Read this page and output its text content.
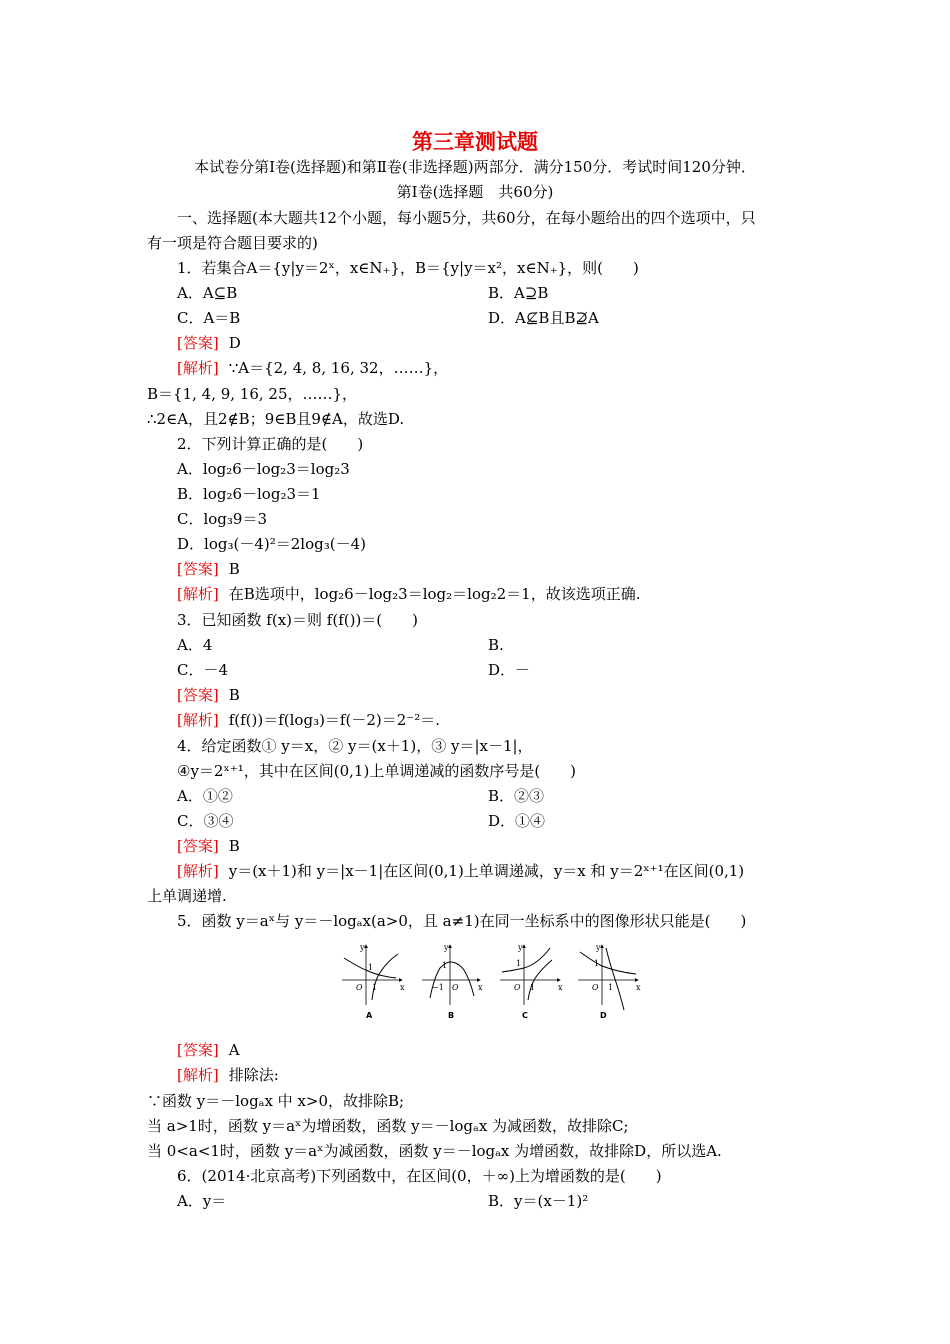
第三章测试题
本试卷分第Ⅰ卷(选择题)和第Ⅱ卷(非选择题)两部分．满分150分．考试时间120分钟．
第Ⅰ卷(选择题　共60分)
一、选择题(本大题共12个小题，每小题5分，共60分，在每小题给出的四个选项中，只
有一项是符合题目要求的)
1．若集合A＝{y|y＝2ˣ，x∈N₊}，B＝{y|y＝x²，x∈N₊}，则(　　)
A．A⊆B	B．A⊇B
C．A＝B	D．A⊈B且B⊉A
[答案] D
[解析] ∵A＝{2, 4, 8, 16, 32，……}，
B＝{1, 4, 9, 16, 25，……}，
∴2∈A，且2∉B；9∈B且9∉A，故选D.
2．下列计算正确的是(　　)
A．log₂6－log₂3＝log₂3
B．log₂6－log₂3＝1
C．log₃9＝3
D．log₃(－4)²＝2log₃(－4)
[答案] B
[解析] 在B选项中，log₂6－log₂3＝log₂＝log₂2＝1，故该选项正确.
3．已知函数 f(x)＝则 f(f())＝(　　)
A．4	B.
C．－4	D．－
[答案] B
[解析] f(f())＝f(log₃)＝f(－2)＝2⁻²＝.
4．给定函数① y＝x，② y＝(x＋1)，③ y＝|x－1|，
④y＝2ˣ⁺¹，其中在区间(0,1)上单调递减的函数序号是(　　)
A．①②	B．②③
C．③④	D．①④
[答案] B
[解析] y＝(x＋1)和 y＝|x－1|在区间(0,1)上单调递减，y＝x 和 y＝2ˣ⁺¹在区间(0,1)
上单调递增.
5．函数 y＝aˣ与 y＝－logₐx(a>0，且 a≠1)在同一坐标系中的图像形状只能是(　　)
y
x
O
1
1
A
y
x
O
−1
1
B
y
x
O
1
1
C
y
x
O
1
1
D
[答案] A
[解析] 排除法:
∵函数 y＝－logₐx 中 x>0，故排除B;
当 a>1时，函数 y＝aˣ为增函数，函数 y＝－logₐx 为减函数，故排除C;
当 0<a<1时，函数 y＝aˣ为减函数，函数 y＝－logₐx 为增函数，故排除D，所以选A.
6．(2014·北京高考)下列函数中，在区间(0，＋∞)上为增函数的是(　　)
A．y＝	B．y＝(x－1)²
